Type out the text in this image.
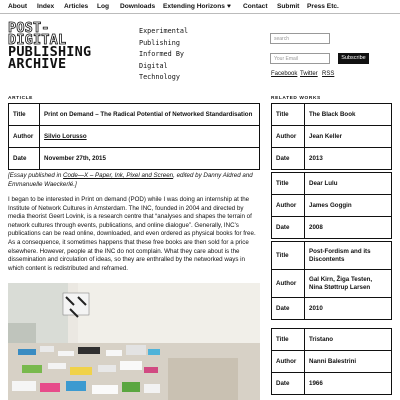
About Index Articles Log Downloads Extending Horizons ♥ Contact Submit Press Etc.
POST-
DIGITAL
PUBLISHING
ARCHIVE
Experimental
Publishing
Informed By
Digital
Technology
search
Your Email	Subscribe
Facebook Twitter RSS
ARTICLE
Title	Print on Demand – The Radical Potential of Networked Standardisation
Author	Silvio Lorusso
Date	November 27th, 2015
[Essay published in Code—X – Paper, Ink, Pixel and Screen, edited by Danny Aldred and Emmanuelle Waeckerlé.]
I began to be interested in Print on demand (POD) while I was doing an internship at the Institute of Network Cultures in Amsterdam. The INC, founded in 2004 and directed by media theorist Geert Lovink, is a research centre that “analyses and shapes the terrain of network cultures through events, publications, and online dialogue”. Generally, INC’s publications can be read online, downloaded, and even ordered as physical books for free. As a consequence, it sometimes happens that these free books are then sold for a price elsewhere. However, people at the INC do not complain. What they care about is the dissemination and circulation of ideas, so they are enthralled by the networked ways in which content is redistributed and reframed.
RELATED WORKS
Title	The Black Book
Author	Jean Keller
Date	2013
Title	Dear Lulu
Author	James Goggin
Date	2008
Title	Post-Fordism and its Discontents
Author	Gal Kirn, Žiga Testen, Nina Støttrup Larsen
Date	2010
Title	Tristano
Author	Nanni Balestrini
Date	1966
